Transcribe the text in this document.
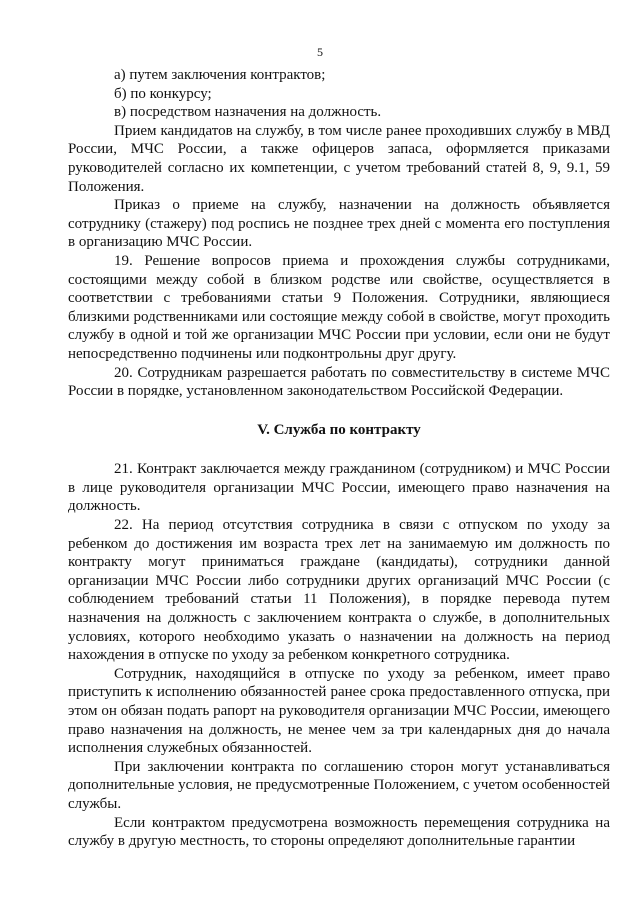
5

а) путем заключения контрактов;

б) по конкурсу;

в) посредством назначения на должность.

Прием кандидатов на службу, в том числе ранее проходивших службу в МВД России, МЧС России, а также офицеров запаса, оформляется приказами руководителей согласно их компетенции, с учетом требований статей 8, 9, 9.1, 59 Положения.

Приказ о приеме на службу, назначении на должность объявляется сотруднику (стажеру) под роспись не позднее трех дней с момента его поступления в организацию МЧС России.

19. Решение вопросов приема и прохождения службы сотрудниками, состоящими между собой в близком родстве или свойстве, осуществляется в соответствии с требованиями статьи 9 Положения. Сотрудники, являющиеся близкими родственниками или состоящие между собой в свойстве, могут проходить службу в одной и той же организации МЧС России при условии, если они не будут непосредственно подчинены или подконтрольны друг другу.

20. Сотрудникам разрешается работать по совместительству в системе МЧС России в порядке, установленном законодательством Российской Федерации.

V. Служба по контракту

21. Контракт заключается между гражданином (сотрудником) и МЧС России в лице руководителя организации МЧС России, имеющего право назначения на должность.

22. На период отсутствия сотрудника в связи с отпуском по уходу за ребенком до достижения им возраста трех лет на занимаемую им должность по контракту могут приниматься граждане (кандидаты), сотрудники данной организации МЧС России либо сотрудники других организаций МЧС России (с соблюдением требований статьи 11 Положения), в порядке перевода путем назначения на должность с заключением контракта о службе, в дополнительных условиях, которого необходимо указать о назначении на должность на период нахождения в отпуске по уходу за ребенком конкретного сотрудника.

Сотрудник, находящийся в отпуске по уходу за ребенком, имеет право приступить к исполнению обязанностей ранее срока предоставленного отпуска, при этом он обязан подать рапорт на руководителя организации МЧС России, имеющего право назначения на должность, не менее чем за три календарных дня до начала исполнения служебных обязанностей.

При заключении контракта по соглашению сторон могут устанавливаться дополнительные условия, не предусмотренные Положением, с учетом особенностей службы.

Если контрактом предусмотрена возможность перемещения сотрудника на службу в другую местность, то стороны определяют дополнительные гарантии
